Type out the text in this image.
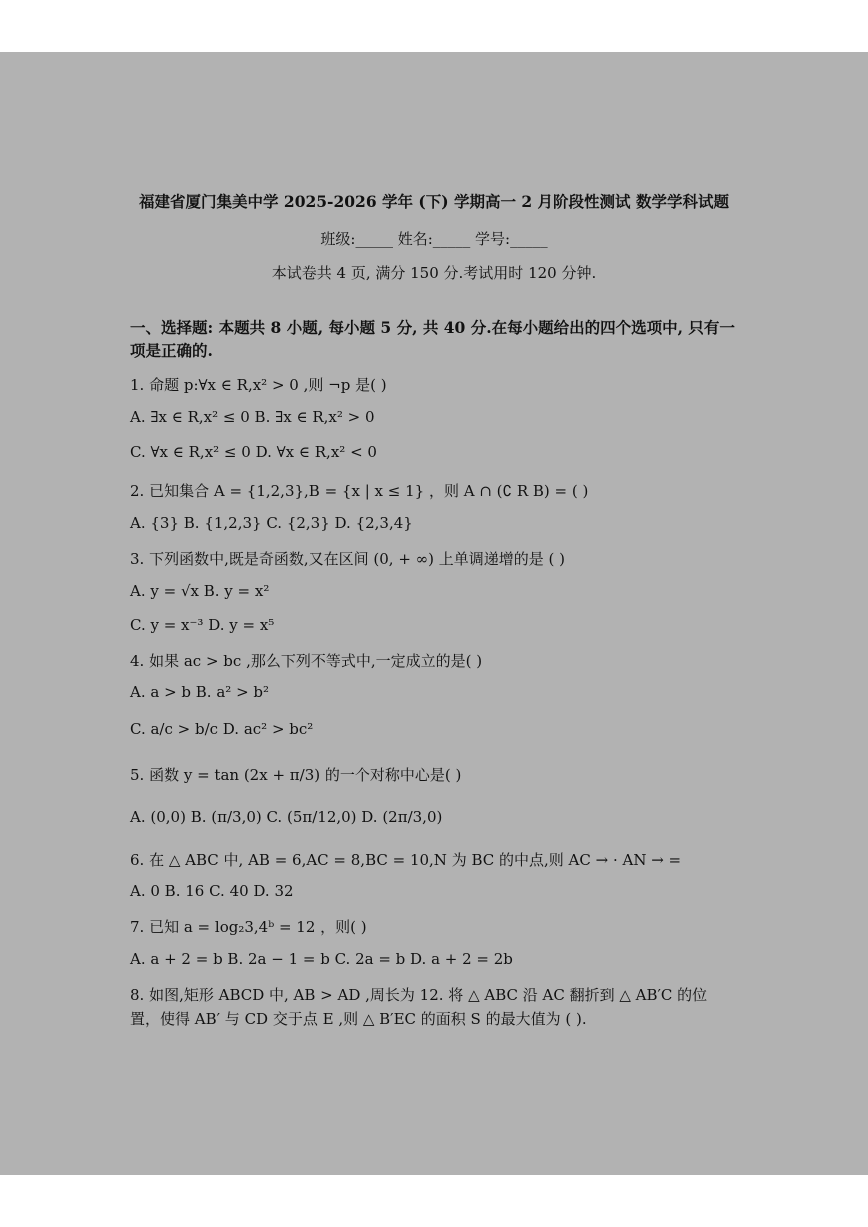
福建省厦门集美中学 2025-2026 学年 (下) 学期高一 2 月阶段性测试 数学学科试题
班级:_____ 姓名:_____ 学号:_____
本试卷共 4 页, 满分 150 分.考试用时 120 分钟.
一、选择题: 本题共 8 小题, 每小题 5 分, 共 40 分.在每小题给出的四个选项中, 只有一项是正确的.
1. 命题 p:∀x ∈ R,x² > 0 ,则 ¬p 是( )
A. ∃x ∈ R,x² ≤ 0 B. ∃x ∈ R,x² > 0
C. ∀x ∈ R,x² ≤ 0 D. ∀x ∈ R,x² < 0
2. 已知集合 A = {1,2,3},B = {x | x ≤ 1} ，则 A ∩ (∁ R B) = ( )
A. {3} B. {1,2,3} C. {2,3} D. {2,3,4}
3. 下列函数中,既是奇函数,又在区间 (0, + ∞) 上单调递增的是 ( )
A. y = √x B. y = x²
C. y = x⁻³ D. y = x⁵
4. 如果 ac > bc ,那么下列不等式中,一定成立的是( )
A. a > b B. a² > b²
C. a/c > b/c D. ac² > bc²
5. 函数 y = tan (2x + π/3) 的一个对称中心是( )
A. (0,0) B. (π/3,0) C. (5π/12,0) D. (2π/3,0)
6. 在 △ ABC 中, AB = 6,AC = 8,BC = 10,N 为 BC 的中点,则 AC → · AN → =
A. 0 B. 16 C. 40 D. 32
7. 已知 a = log₂3,4ᵇ = 12 ，则( )
A. a + 2 = b B. 2a − 1 = b C. 2a = b D. a + 2 = 2b
8. 如图,矩形 ABCD 中, AB > AD ,周长为 12. 将 △ ABC 沿 AC 翻折到 △ AB′C 的位
置，使得 AB′ 与 CD 交于点 E ,则 △ B′EC 的面积 S 的最大值为 ( ).
